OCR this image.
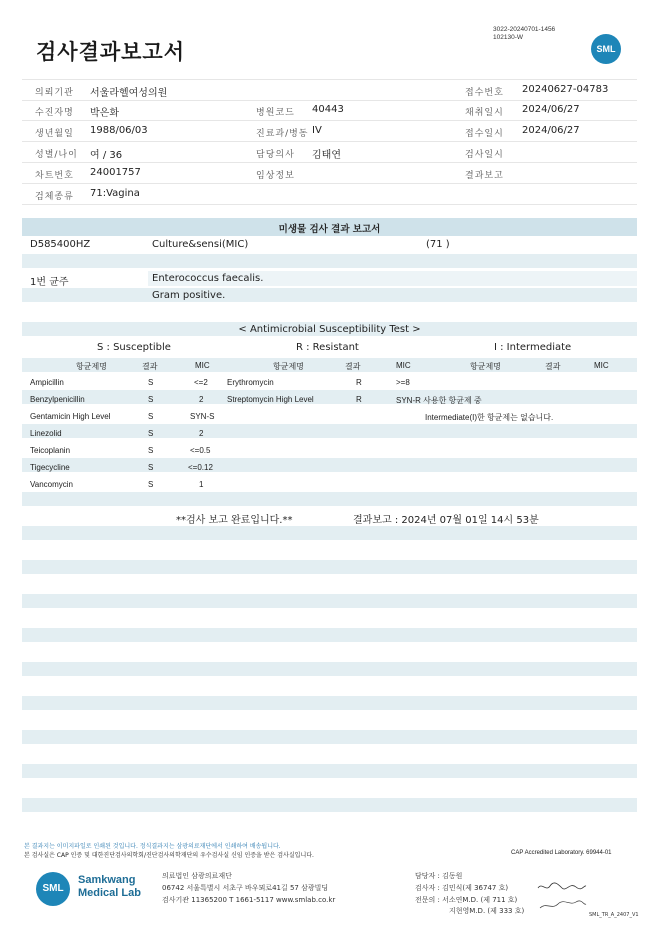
검사결과보고서
3022-20240701-1456
102130-W
SML
의뢰기관 서울라헬여성의원	접수번호 20240627-04783
수진자명 박은화	병원코드 40443	채취일시 2024/06/27
생년월일 1988/06/03	진료과/병동 IV	접수일시 2024/06/27
성별/나이 여 / 36	담당의사 김태연	검사일시
차트번호 24001757	임상정보	결과보고
검체종류 71:Vagina
미생물 검사 결과 보고서
D585400HZ	Culture&sensi(MIC)	(71 )
1번 균주	Enterococcus faecalis.
Gram positive.
< Antimicrobial Susceptibility Test >
S : Susceptible	R : Resistant	I : Intermediate
항균제명	결과	MIC	항균제명	결과	MIC	항균제명	결과	MIC
Ampicillin	S	<=2
Benzylpenicillin	S	2
Gentamicin High Level	S	SYN-S
Linezolid	S	2
Teicoplanin	S	<=0.5
Tigecycline	S	<=0.12
Vancomycin	S	1
Erythromycin	R	>=8
Streptomycin High Level	R	SYN-R 사용한 항균제 중
Intermediate(I)한 항균제는 없습니다.
**검사 보고 완료입니다.**	결과보고 : 2024년 07월 01일 14시 53분
본 결과지는 이미지파일로 인쇄된 것입니다. 정식결과지는 삼광의료재단에서 인쇄하여 배송됩니다.
본 검사실은 CAP 인증 및 대한진단검사의학회/진단검사의학재단의 우수검사실 신임 인증을 받은 검사실입니다.	CAP Accredited Laboratory. 69944-01
SML
Samkwang
Medical Lab
의료법인 삼광의료재단
06742 서울특별시 서초구 바우뫼로41길 57 삼광빌딩
검사기관 11365200 T 1661-5117 www.smlab.co.kr
담당자 : 김동원
검사자 : 김민식(제 36747 호)
전문의 : 서소연M.D. (제 711 호)
지현영M.D. (제 333 호)	SML_TR_A_2407_V1
